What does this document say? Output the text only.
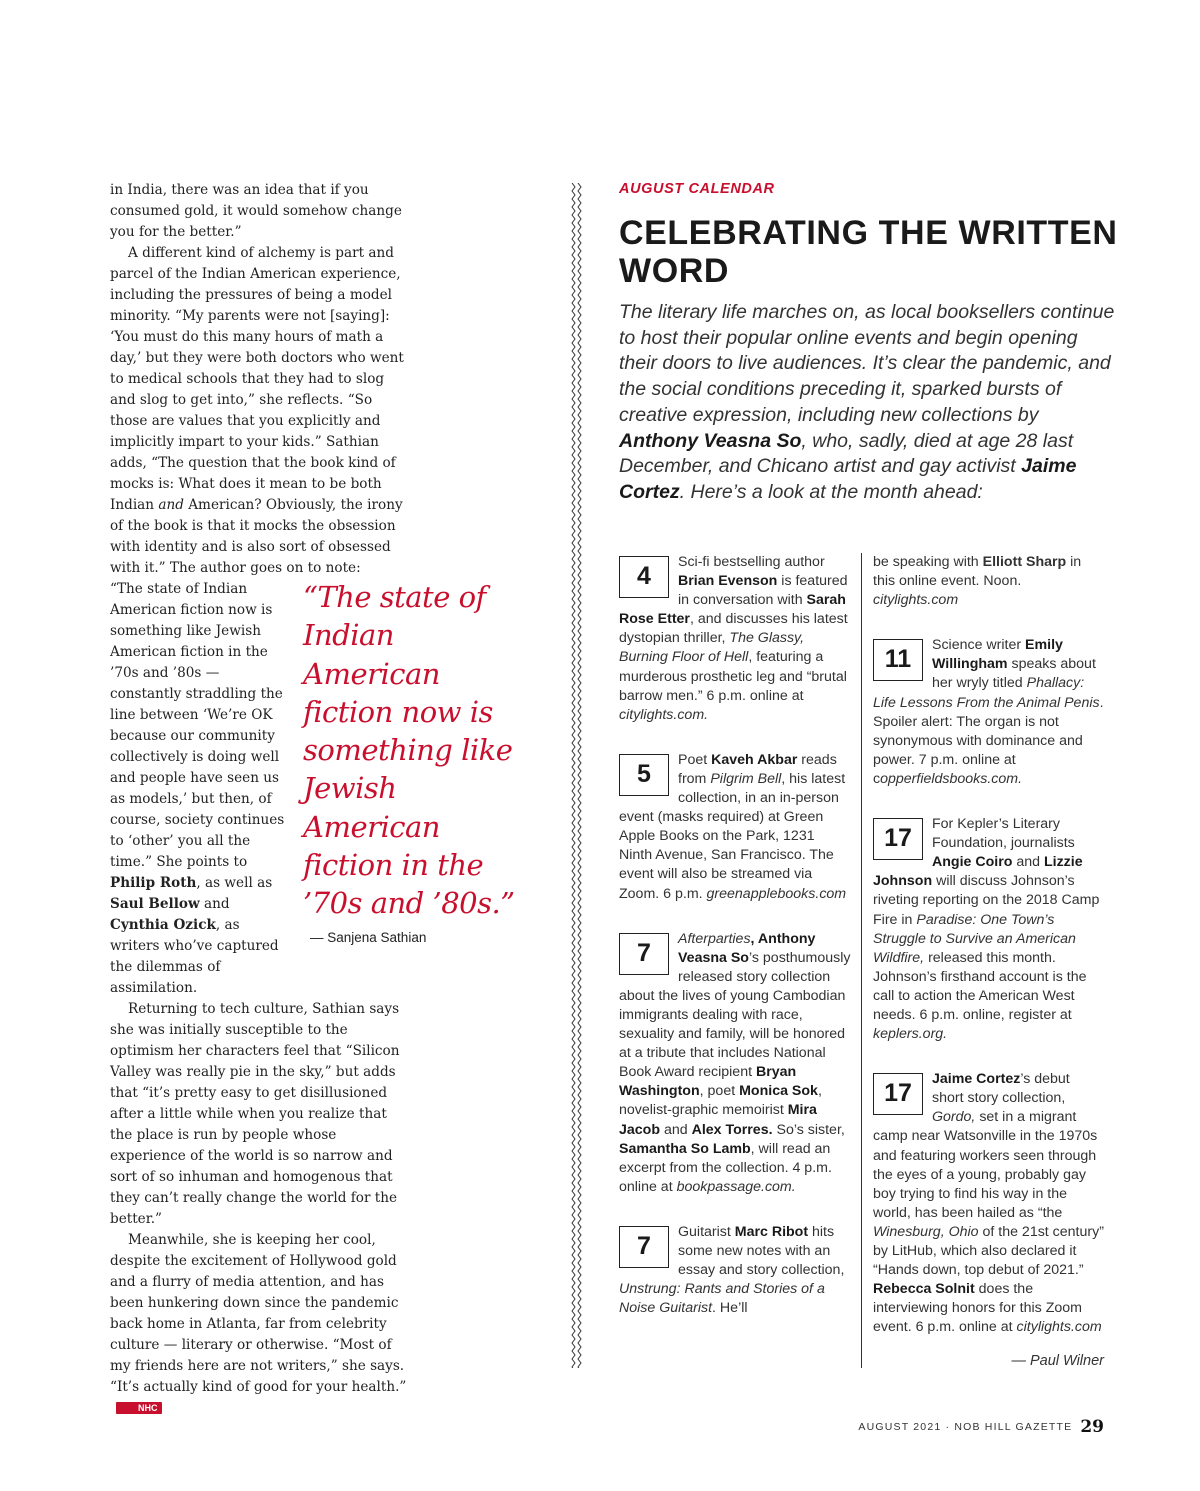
in India, there was an idea that if you consumed gold, it would somehow change you for the better.”

A different kind of alchemy is part and parcel of the Indian American experience, including the pressures of being a model minority. “My parents were not [saying]: ‘You must do this many hours of math a day,’ but they were both doctors who went to medical schools that they had to slog and slog to get into,” she reflects. “So those are values that you explicitly and implicitly impart to your kids.” Sathian adds, “The question that the book kind of mocks is: What does it mean to be both Indian and American? Obviously, the irony of the book is that it mocks the obsession with identity and is also sort of obsessed with it.” The author goes on to note:

“The state of Indian American fiction now is something like Jewish American fiction in the ’70s and ’80s — constantly straddling the line between ‘We’re OK because our community collectively is doing well and people have seen us as models,’ but then, of course, society continues to ‘other’ you all the time.” She points to Philip Roth, as well as Saul Bellow and Cynthia Ozick, as writers who’ve captured the dilemmas of assimilation.

Returning to tech culture, Sathian says she was initially susceptible to the optimism her characters feel that “Silicon Valley was really pie in the sky,” but adds that “it’s pretty easy to get disillusioned after a little while when you realize that the place is run by people whose experience of the world is so narrow and sort of so inhuman and homogenous that they can’t really change the world for the better.”

Meanwhile, she is keeping her cool, despite the excitement of Hollywood gold and a flurry of media attention, and has been hunkering down since the pandemic back home in Atlanta, far from celebrity culture — literary or otherwise. “Most of my friends here are not writers,” she says. “It’s actually kind of good for your health.”NHC

“The state of Indian American fiction now is something like Jewish American fiction in the ’70s and ’80s.”
— Sanjena Sathian
AUGUST CALENDAR
CELEBRATING THE WRITTEN WORD

The literary life marches on, as local booksellers continue to host their popular online events and begin opening their doors to live audiences. It’s clear the pandemic, and the social conditions preceding it, sparked bursts of creative expression, including new collections by Anthony Veasna So, who, sadly, died at age 28 last December, and Chicano artist and gay activist Jaime Cortez. Here’s a look at the month ahead:

4	Sci-fi bestselling author Brian Evenson is featured in conversation with Sarah Rose Etter, and discusses his latest dystopian thriller, The Glassy, Burning Floor of Hell, featuring a murderous prosthetic leg and “brutal barrow men.” 6 p.m. online at citylights.com.
5	Poet Kaveh Akbar reads from Pilgrim Bell, his latest collection, in an in-person event (masks required) at Green Apple Books on the Park, 1231 Ninth Avenue, San Francisco. The event will also be streamed via Zoom. 6 p.m. greenapplebooks.com
7	Afterparties, Anthony Veasna So’s posthumously released story collection about the lives of young Cambodian immigrants dealing with race, sexuality and family, will be honored at a tribute that includes National Book Award recipient Bryan Washington, poet Monica Sok, novelist-graphic memoirist Mira Jacob and Alex Torres. So’s sister, Samantha So Lamb, will read an excerpt from the collection. 4 p.m. online at bookpassage.com.
7	Guitarist Marc Ribot hits some new notes with an essay and story collection, Unstrung: Rants and Stories of a Noise Guitarist. He’ll
be speaking with Elliott Sharp in this online event. Noon. citylights.com
11	Science writer Emily Willingham speaks about her wryly titled Phallacy: Life Lessons From the Animal Penis. Spoiler alert: The organ is not synonymous with dominance and power. 7 p.m. online at copperfieldsbooks.com.
17	For Kepler’s Literary Foundation, journalists Angie Coiro and Lizzie Johnson will discuss Johnson’s riveting reporting on the 2018 Camp Fire in Paradise: One Town’s Struggle to Survive an American Wildfire, released this month. Johnson’s firsthand account is the call to action the American West needs. 6 p.m. online, register at keplers.org.
17	Jaime Cortez’s debut short story collection, Gordo, set in a migrant camp near Watsonville in the 1970s and featuring workers seen through the eyes of a young, probably gay boy trying to find his way in the world, has been hailed as “the Winesburg, Ohio of the 21st century” by LitHub, which also declared it “Hands down, top debut of 2021.” Rebecca Solnit does the interviewing honors for this Zoom event. 6 p.m. online at citylights.com
— Paul Wilner
AUGUST 2021 · NOB HILL GAZETTE 29
